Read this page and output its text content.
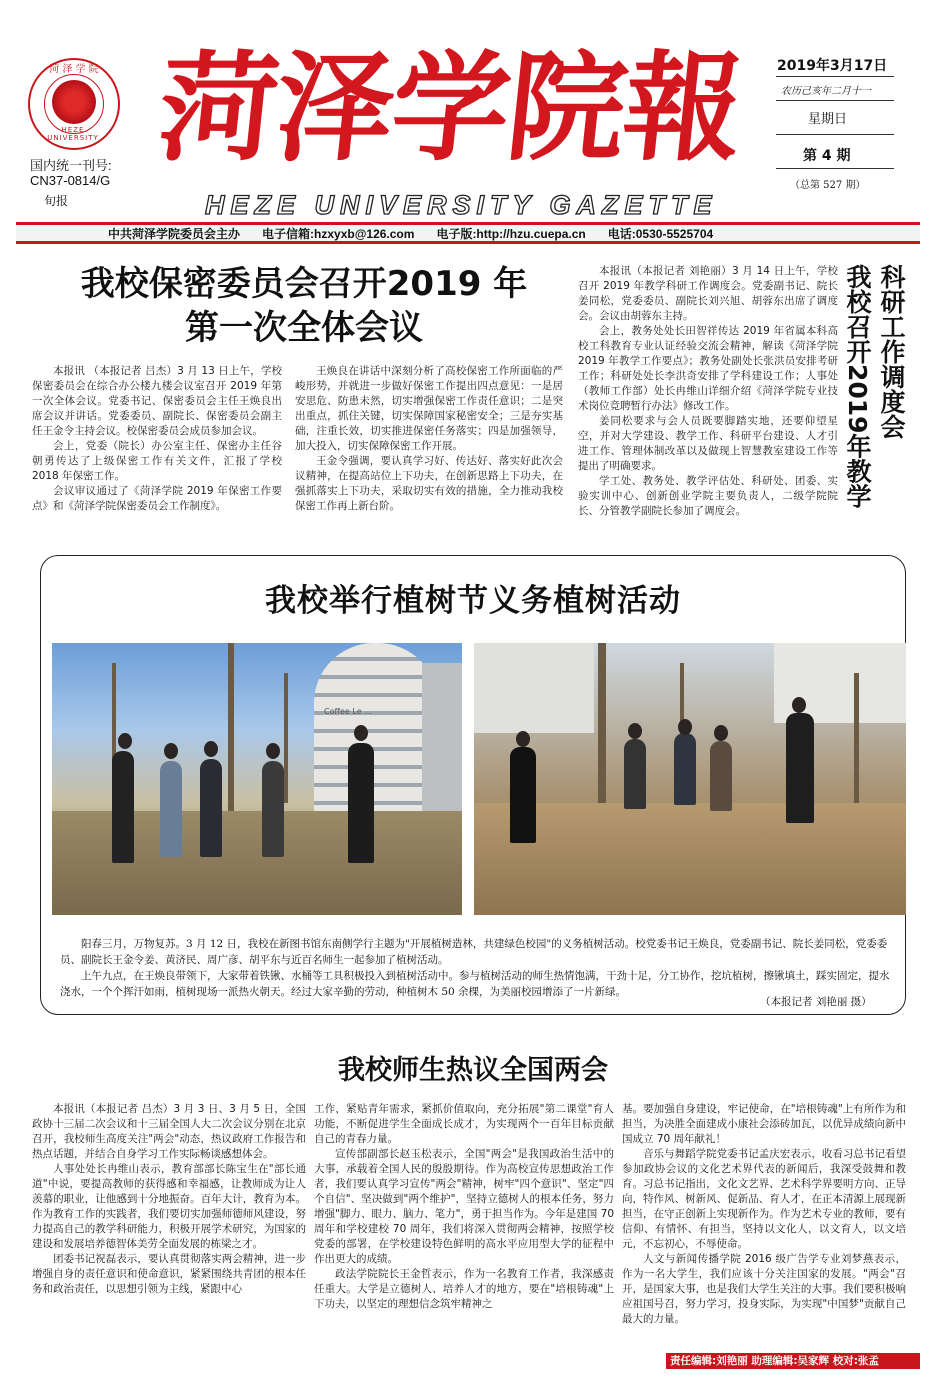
菏 泽 学 院
HEZE UNIVERSITY
国内统一刊号:
CN37-0814/G
旬报
菏泽学院報
HEZE UNIVERSITY GAZETTE
2019年3月17日
农历己亥年二月十一
星期日
第 4 期
（总第 527 期）
中共菏泽学院委员会主办 电子信箱:hzxyxb@126.com 电子版:http://hzu.cuepa.cn 电话:0530-5525704
我校保密委员会召开2019 年
第一次全体会议

本报讯 （本报记者 吕杰）3 月 13 日上午，学校保密委员会在综合办公楼九楼会议室召开 2019 年第一次全体会议。党委书记、保密委员会主任王焕良出席会议并讲话。党委委员、副院长、保密委员会副主任王金令主持会议。校保密委员会成员参加会议。

会上，党委（院长）办公室主任、保密办主任谷朝勇传达了上级保密工作有关文件，汇报了学校 2018 年保密工作。

会议审议通过了《菏泽学院 2019 年保密工作要点》和《菏泽学院保密委员会工作制度》。

王焕良在讲话中深刻分析了高校保密工作所面临的严峻形势，并就进一步做好保密工作提出四点意见：一是居安思危、防患未然，切实增强保密工作责任意识；二是突出重点，抓住关键，切实保障国家秘密安全；三是夯实基础，注重长效，切实推进保密任务落实；四是加强领导，加大投入，切实保障保密工作开展。

王金令强调，要认真学习好、传达好、落实好此次会议精神，在提高站位上下功夫，在创新思路上下功夫，在强抓落实上下功夫，采取切实有效的措施，全力推动我校保密工作再上新台阶。

本报讯（本报记者 刘艳丽）3 月 14 日上午，学校召开 2019 年教学科研工作调度会。党委副书记、院长姜同松，党委委员、副院长刘兴旭、胡蓉东出席了调度会。会议由胡蓉东主持。

会上，教务处处长田智祥传达 2019 年省属本科高校工科教育专业认证经验交流会精神，解读《菏泽学院 2019 年教学工作要点》；教务处副处长张洪员安排考研工作；科研处处长李洪奇安排了学科建设工作；人事处（教师工作部）处长冉维山详细介绍《菏泽学院专业技术岗位竞聘暂行办法》修改工作。

姜同松要求与会人员既要脚踏实地，还要仰望星空，并对大学建设、教学工作、科研平台建设、人才引进工作、管理体制改革以及做现上智慧教室建设工作等提出了明确要求。

学工处、教务处、教学评估处、科研处、团委、实验实训中心、创新创业学院主要负责人，二级学院院长、分管教学副院长参加了调度会。

我校召开2019年教学 科研工作调度会
我校举行植树节义务植树活动
Coffee Le ...

阳春三月，万物复苏。3 月 12 日，我校在新图书馆东南侧学行主题为"开展植树造林，共建绿色校园"的义务植树活动。校党委书记王焕良，党委副书记、院长姜同松，党委委员、副院长王金令姜、黄济民、周广彦、胡平东与近百名师生一起参加了植树活动。

上午九点，在王焕良带领下，大家带着铁锹、水桶等工具积极投入到植树活动中。参与植树活动的师生热情饱满，干劲十足，分工协作，挖坑植树，擦锹填土，踩实固定，提水浇水，一个个挥汗如雨，植树现场一派热火朝天。经过大家辛勤的劳动，种植树木 50 余棵，为美丽校园增添了一片新绿。

（本报记者 刘艳丽 摄）
我校师生热议全国两会

本报讯（本报记者 吕杰）3 月 3 日、3 月 5 日，全国政协十三届二次会议和十三届全国人大二次会议分别在北京召开，我校师生高度关注"两会"动态，热议政府工作报告和热点话题，并结合自身学习工作实际畅谈感想体会。

人事处处长冉维山表示，教育部部长陈宝生在"部长通道"中说，要提高教师的获得感和幸福感，让教师成为让人羡慕的职业，让他感到十分地振奋。百年大计，教育为本。作为教育工作的实践者，我们要切实加强师德师风建设，努力提高自己的教学科研能力，积极开展学术研究，为国家的建设和发展培养德智体美劳全面发展的栋梁之才。

团委书记祝磊表示，要认真贯彻落实两会精神，进一步增强自身的责任意识和使命意识，紧紧围绕共青团的根本任务和政治责任，以思想引领为主线，紧跟中心

工作，紧贴青年需求，紧抓价值取向，充分拓展"第二课堂"育人功能，不断促进学生全面成长成才，为实现两个一百年目标贡献自己的青春力量。

宣传部副部长赵玉松表示，全国"两会"是我国政治生活中的大事，承载着全国人民的殷殷期待。作为高校宣传思想政治工作者，我们要认真学习宣传"两会"精神，树牢"四个意识"、坚定"四个自信"、坚决做到"两个维护"，坚持立德树人的根本任务，努力增强"脚力、眼力、脑力、笔力"，勇于担当作为。今年是建国 70 周年和学校建校 70 周年，我们将深入贯彻两会精神，按照学校党委的部署，在学校建设特色鲜明的高水平应用型大学的征程中作出更大的成绩。

政法学院院长王金哲表示，作为一名教育工作者，我深感责任重大。大学是立德树人、培养人才的地方，要在"培根铸魂"上下功夫，以坚定的理想信念筑牢精神之

基。要加强自身建设，牢记使命，在"培根铸魂"上有所作为和担当，为决胜全面建成小康社会添砖加瓦，以优异成绩向新中国成立 70 周年献礼！

音乐与舞蹈学院党委书记孟庆宏表示，收看习总书记看望参加政协会议的文化艺术界代表的新闻后，我深受鼓舞和教育。习总书记指出，文化文艺界、艺术科学界要明方向、正导向，特作风、树新风、促新品、育人才，在正本清源上展现新担当，在守正创新上实现新作为。作为艺术专业的教师，要有信仰、有情怀、有担当，坚持以文化人，以文育人，以文培元，不忘初心，不辱使命。

人文与新闻传播学院 2016 级广告学专业刘梦燕表示，作为一名大学生，我们应该十分关注国家的发展。"两会"召开，是国家大事，也是我们大学生关注的大事。我们要积极响应祖国号召，努力学习，投身实际，为实现"中国梦"贡献自己最大的力量。

责任编辑:刘艳丽 助理编辑:吴家辉 校对:张孟
